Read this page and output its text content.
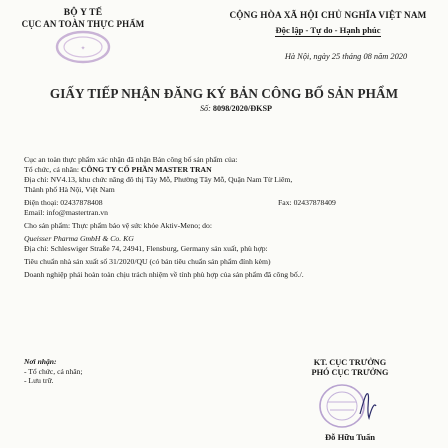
BỘ Y TẾ
CỤC AN TOÀN THỰC PHẨM
✦
CỘNG HÒA XÃ HỘI CHỦ NGHĨA VIỆT NAM
Độc lập - Tự do - Hạnh phúc
Hà Nội, ngày 25 tháng 08 năm 2020
GIẤY TIẾP NHẬN ĐĂNG KÝ BẢN CÔNG BỐ SẢN PHẨM
Số: 8098/2020/ĐKSP
Cục an toàn thực phẩm xác nhận đã nhận Bản công bố sản phẩm của:
Tổ chức, cá nhân: CÔNG TY CỔ PHẦN MASTER TRAN
Địa chỉ: NV4.13, khu chức năng đô thị Tây Mỗ, Phường Tây Mỗ, Quận Nam Từ Liêm,
Thành phố Hà Nội, Việt Nam
Điện thoại: 02437878408	Fax: 02437878409
Email: info@mastertran.vn
Cho sản phẩm: Thực phẩm bảo vệ sức khỏe Aktiv-Meno; do:
Queisser Pharma GmbH & Co. KG
Địa chỉ: Schleswiger Straße 74, 24941, Flensburg, Germany sản xuất, phù hợp:
Tiêu chuẩn nhà sản xuất số 31/2020/QU (có bản tiêu chuẩn sản phẩm đính kèm)
Doanh nghiệp phải hoàn toàn chịu trách nhiệm về tính phù hợp của sản phẩm đã công bố./.
Nơi nhận:
- Tổ chức, cá nhân;
- Lưu trữ.
KT. CỤC TRƯỞNG
PHÓ CỤC TRƯỞNG
Đỗ Hữu Tuấn
